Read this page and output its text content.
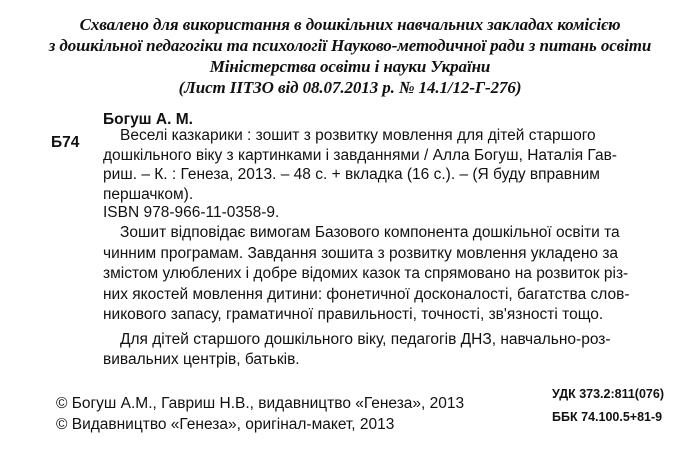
Схвалено для використання в дошкільних навчальних закладах комісією
з дошкільної педагогіки та психології Науково-методичної ради з питань освіти
Міністерства освіти і науки України
(Лист ІІТЗО від 08.07.2013 р. № 14.1/12-Г-276)
Богуш А. М.
Б74	Веселі казкарики : зошит з розвитку мовлення для дітей старшого
дошкільного віку з картинками і завданнями / Алла Богуш, Наталія Гав-
риш. – К. : Генеза, 2013. – 48 с. + вкладка (16 с.). – (Я буду вправним
першачком).
ISBN 978-966-11-0358-9.
Зошит відповідає вимогам Базового компонента дошкільної освіти та
чинним програмам. Завдання зошита з розвитку мовлення укладено за
змістом улюблених і добре відомих казок та спрямовано на розвиток різ-
них якостей мовлення дитини: фонетичної досконалості, багатства слов-
никового запасу, граматичної правильності, точності, зв'язності тощо.
Для дітей старшого дошкільного віку, педагогів ДНЗ, навчально-роз-
вивальних центрів, батьків.
УДК 373.2:811(076)
ББК 74.100.5+81-9
© Богуш А.М., Гавриш Н.В., видавництво «Генеза», 2013
© Видавництво «Генеза», оригінал-макет, 2013
